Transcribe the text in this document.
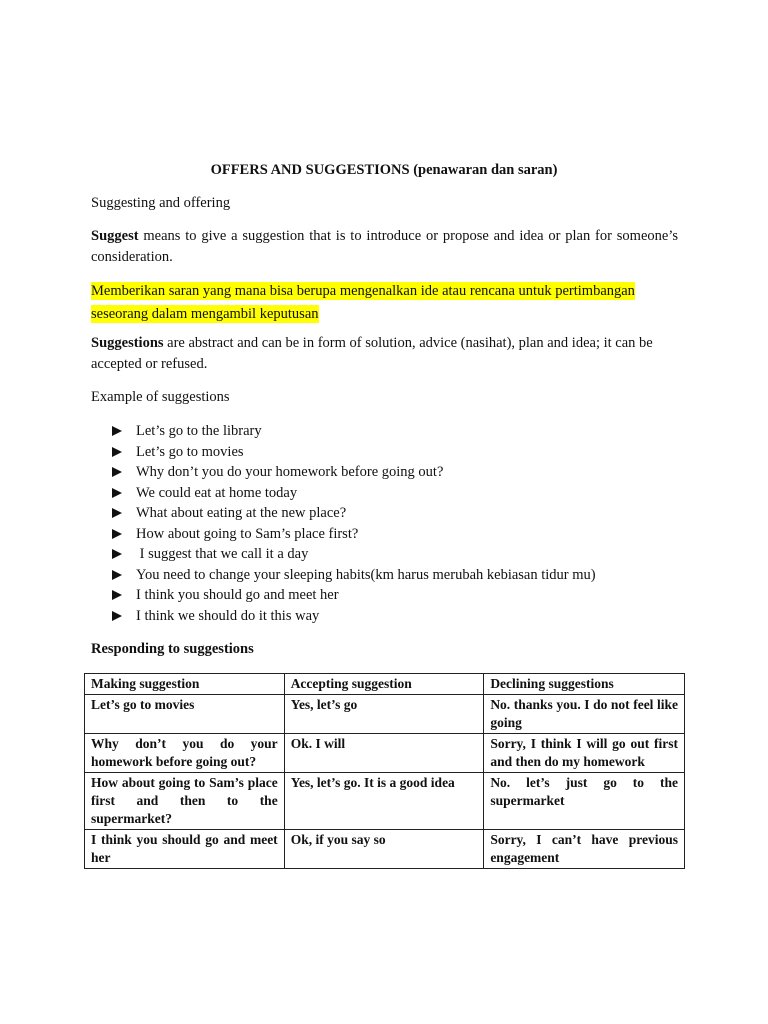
OFFERS AND SUGGESTIONS (penawaran dan saran)
Suggesting and offering
Suggest means to give a suggestion that is to introduce or propose and idea or plan for someone’s consideration.
Memberikan saran yang mana bisa berupa mengenalkan ide atau rencana untuk pertimbangan
seseorang dalam mengambil keputusan
Suggestions are abstract and can be in form of solution, advice (nasihat), plan and idea; it can be accepted or refused.
Example of suggestions
Let’s go to the library
Let’s go to movies
Why don’t you do your homework before going out?
We could eat at home today
What about eating at the new place?
How about going to Sam’s place first?
I suggest that we call it a day
You need to change your sleeping habits(km harus merubah kebiasan tidur mu)
I think you should go and meet her
I think we should do it this way
Responding to suggestions
Making suggestion	Accepting suggestion	Declining suggestions
Let’s go to movies	Yes, let’s go	No. thanks you. I do not feel like going
Why don’t you do your homework before going out?	Ok. I will	Sorry, I think I will go out first and then do my homework
How about going to Sam’s place first and then to the supermarket?	Yes, let’s go. It is a good idea	No. let’s just go to the supermarket
I think you should go and meet her	Ok, if you say so	Sorry, I can’t have previous engagement
